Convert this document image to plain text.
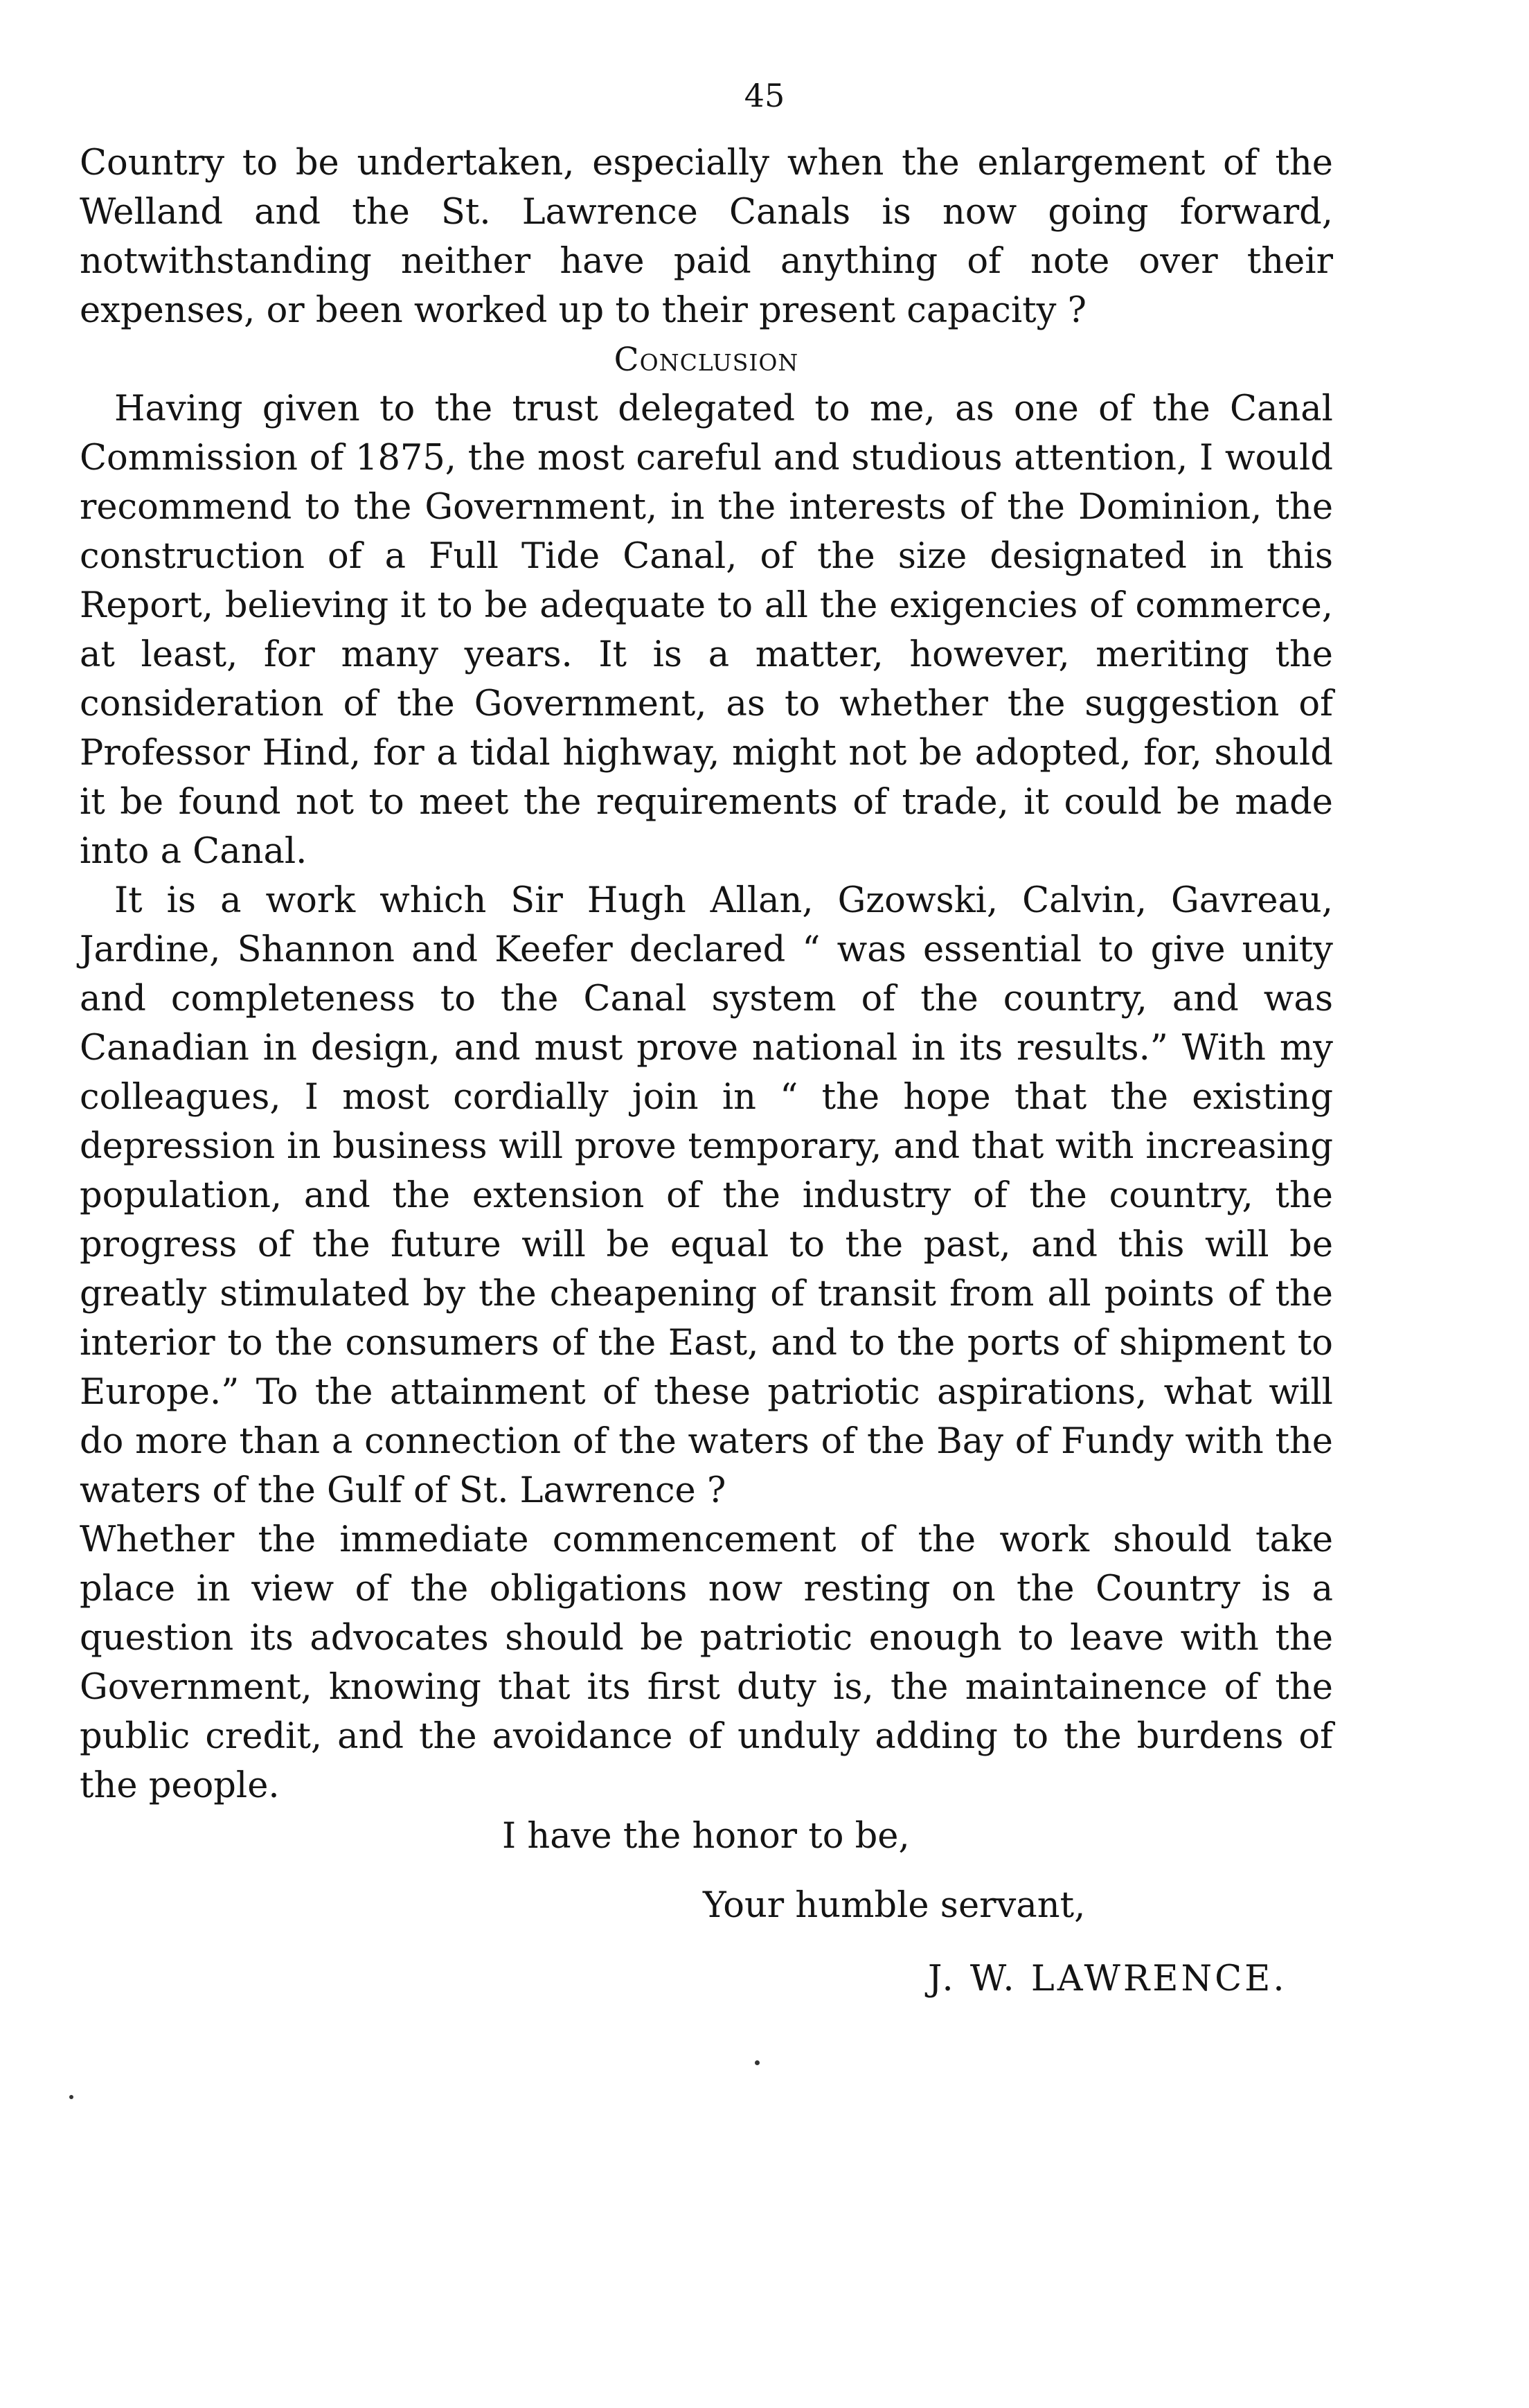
45

Country to be undertaken, especially when the enlargement of the Welland and the St. Lawrence Canals is now going forward, notwithstanding neither have paid anything of note over their expenses, or been worked up to their present capacity ?

Conclusion

Having given to the trust delegated to me, as one of the Canal Commission of 1875, the most careful and studious attention, I would recommend to the Government, in the interests of the Dominion, the construction of a Full Tide Canal, of the size designated in this Report, believing it to be adequate to all the exigencies of commerce, at least, for many years. It is a matter, however, meriting the consideration of the Government, as to whether the suggestion of Professor Hind, for a tidal highway, might not be adopted, for, should it be found not to meet the requirements of trade, it could be made into a Canal.

It is a work which Sir Hugh Allan, Gzowski, Calvin, Gavreau, Jardine, Shannon and Keefer declared “ was essential to give unity and completeness to the Canal system of the country, and was Canadian in design, and must prove national in its results.” With my colleagues, I most cordially join in “ the hope that the existing depression in business will prove temporary, and that with increasing population, and the extension of the industry of the country, the progress of the future will be equal to the past, and this will be greatly stimulated by the cheapening of transit from all points of the interior to the consumers of the East, and to the ports of shipment to Europe.” To the attainment of these patriotic aspirations, what will do more than a connection of the waters of the Bay of Fundy with the waters of the Gulf of St. Lawrence ?

Whether the immediate commencement of the work should take place in view of the obligations now resting on the Country is a question its advocates should be patriotic enough to leave with the Government, knowing that its first duty is, the maintainence of the public credit, and the avoidance of unduly adding to the burdens of the people.

I have the honor to be,
Your humble servant,
J. W. LAWRENCE.
